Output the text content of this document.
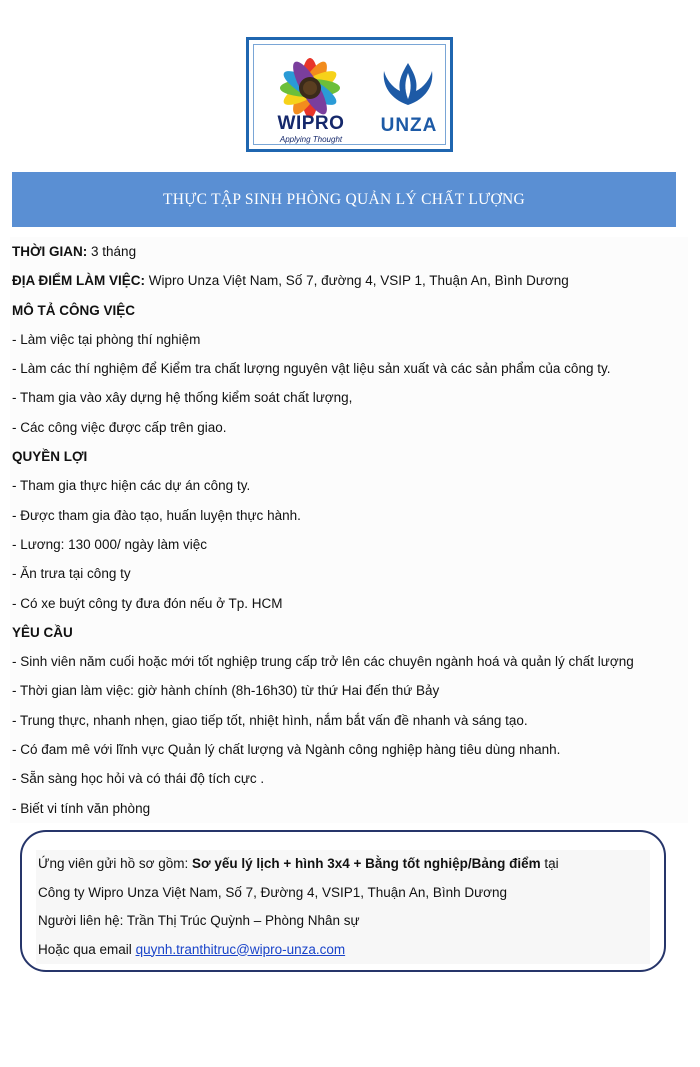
WIPRO
Applying Thought
UNZA
THỰC TẬP SINH PHÒNG QUẢN LÝ CHẤT LƯỢNG
THỜI GIAN: 3 tháng
ĐỊA ĐIỂM LÀM VIỆC: Wipro Unza Việt Nam, Số 7, đường 4, VSIP 1, Thuận An, Bình Dương
MÔ TẢ CÔNG VIỆC
- Làm việc tại phòng thí nghiệm
- Làm các thí nghiệm để Kiểm tra chất lượng nguyên vật liệu sản xuất và các sản phẩm của công ty.
- Tham gia vào xây dựng hệ thống kiểm soát chất lượng,
- Các công việc được cấp trên giao.
QUYỀN LỢI
- Tham gia thực hiện các dự án công ty.
- Được tham gia đào tạo, huấn luyện thực hành.
- Lương: 130 000/ ngày làm việc
- Ăn trưa tại công ty
- Có xe buýt công ty đưa đón nếu ở Tp. HCM
YÊU CẦU
- Sinh viên năm cuối hoặc mới tốt nghiệp trung cấp trở lên các chuyên ngành hoá và quản lý chất lượng
- Thời gian làm việc: giờ hành chính (8h-16h30) từ thứ Hai đến thứ Bảy
- Trung thực, nhanh nhẹn, giao tiếp tốt, nhiệt hình, nắm bắt vấn đề nhanh và sáng tạo.
- Có đam mê với lĩnh vực Quản lý chất lượng và Ngành công nghiệp hàng tiêu dùng nhanh.
- Sẵn sàng học hỏi và có thái độ tích cực .
- Biết vi tính văn phòng
Ứng viên gửi hồ sơ gồm: Sơ yếu lý lịch + hình 3x4 + Bằng tốt nghiệp/Bảng điểm tại
Công ty Wipro Unza Việt Nam, Số 7, Đường 4, VSIP1, Thuận An, Bình Dương
Người liên hệ: Trần Thị Trúc Quỳnh – Phòng Nhân sự
Hoặc qua email quynh.tranthitruc@wipro-unza.com
